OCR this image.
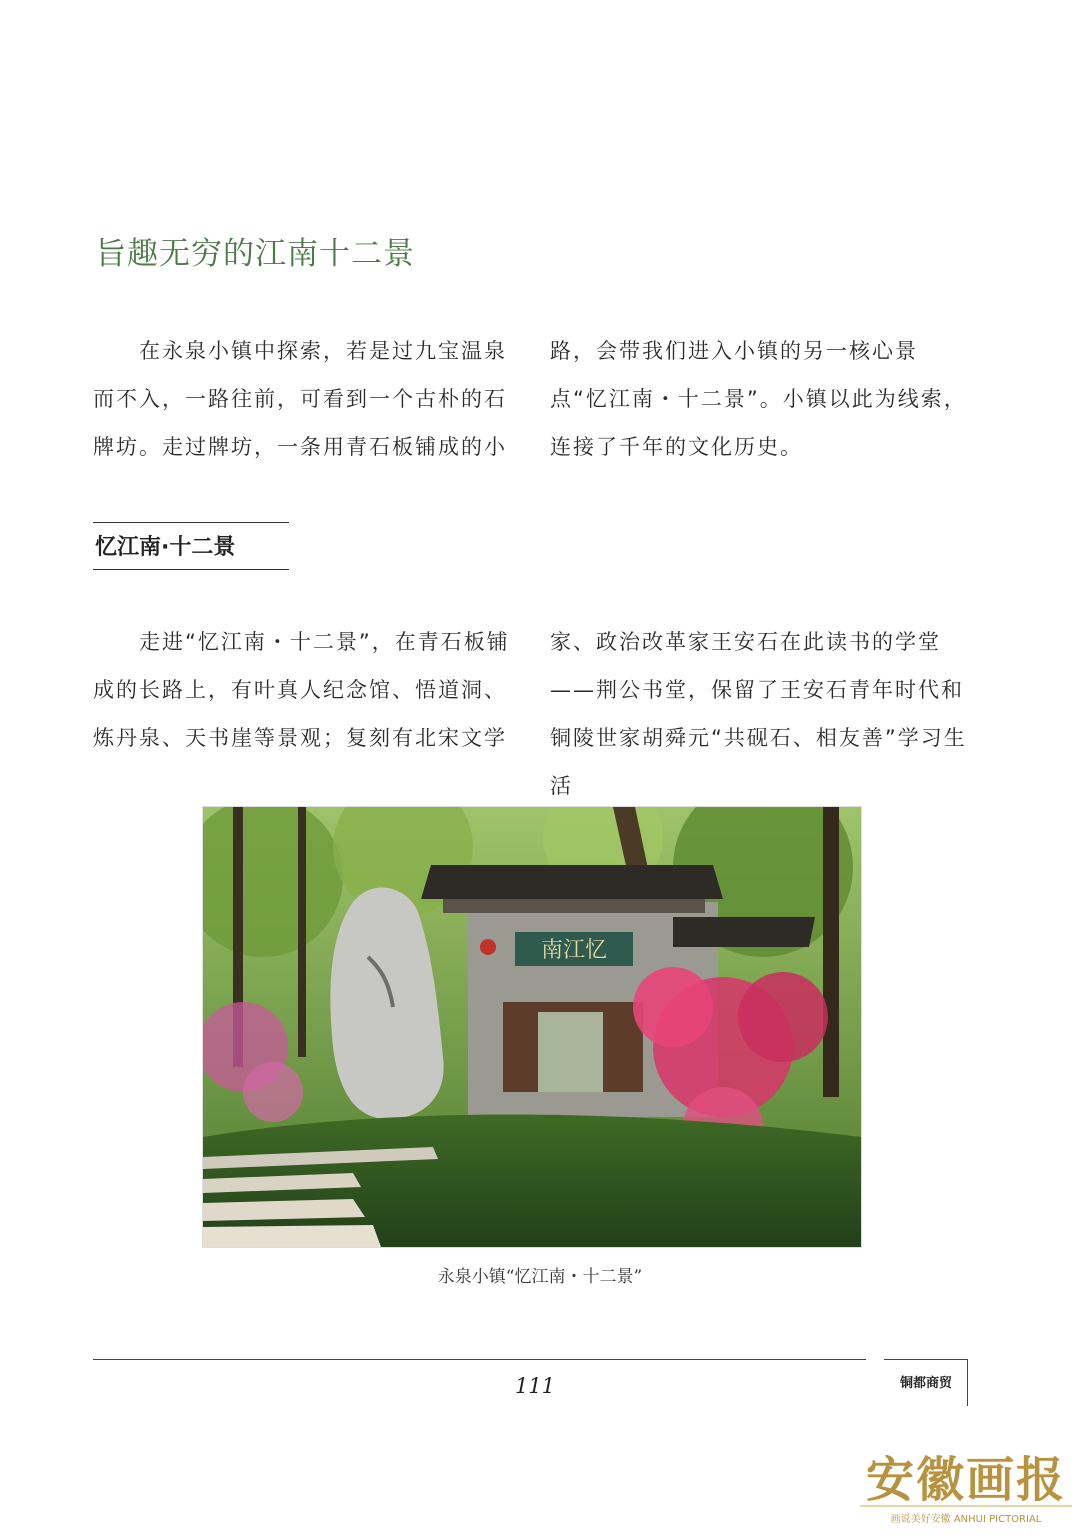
旨趣无穷的江南十二景

在永泉小镇中探索，若是过九宝温泉而不入，一路往前，可看到一个古朴的石牌坊。走过牌坊，一条用青石板铺成的小

路，会带我们进入小镇的另一核心景点“忆江南・十二景”。小镇以此为线索，连接了千年的文化历史。

忆江南·十二景

走进“忆江南・十二景”，在青石板铺成的长路上，有叶真人纪念馆、悟道洞、炼丹泉、天书崖等景观；复刻有北宋文学

家、政治改革家王安石在此读书的学堂——荆公书堂，保留了王安石青年时代和铜陵世家胡舜元“共砚石、相友善”学习生活

南江忆
永泉小镇“忆江南・十二景”
111	铜都商贸
安徽画报
画说美好安徽 ANHUI PICTORIAL
